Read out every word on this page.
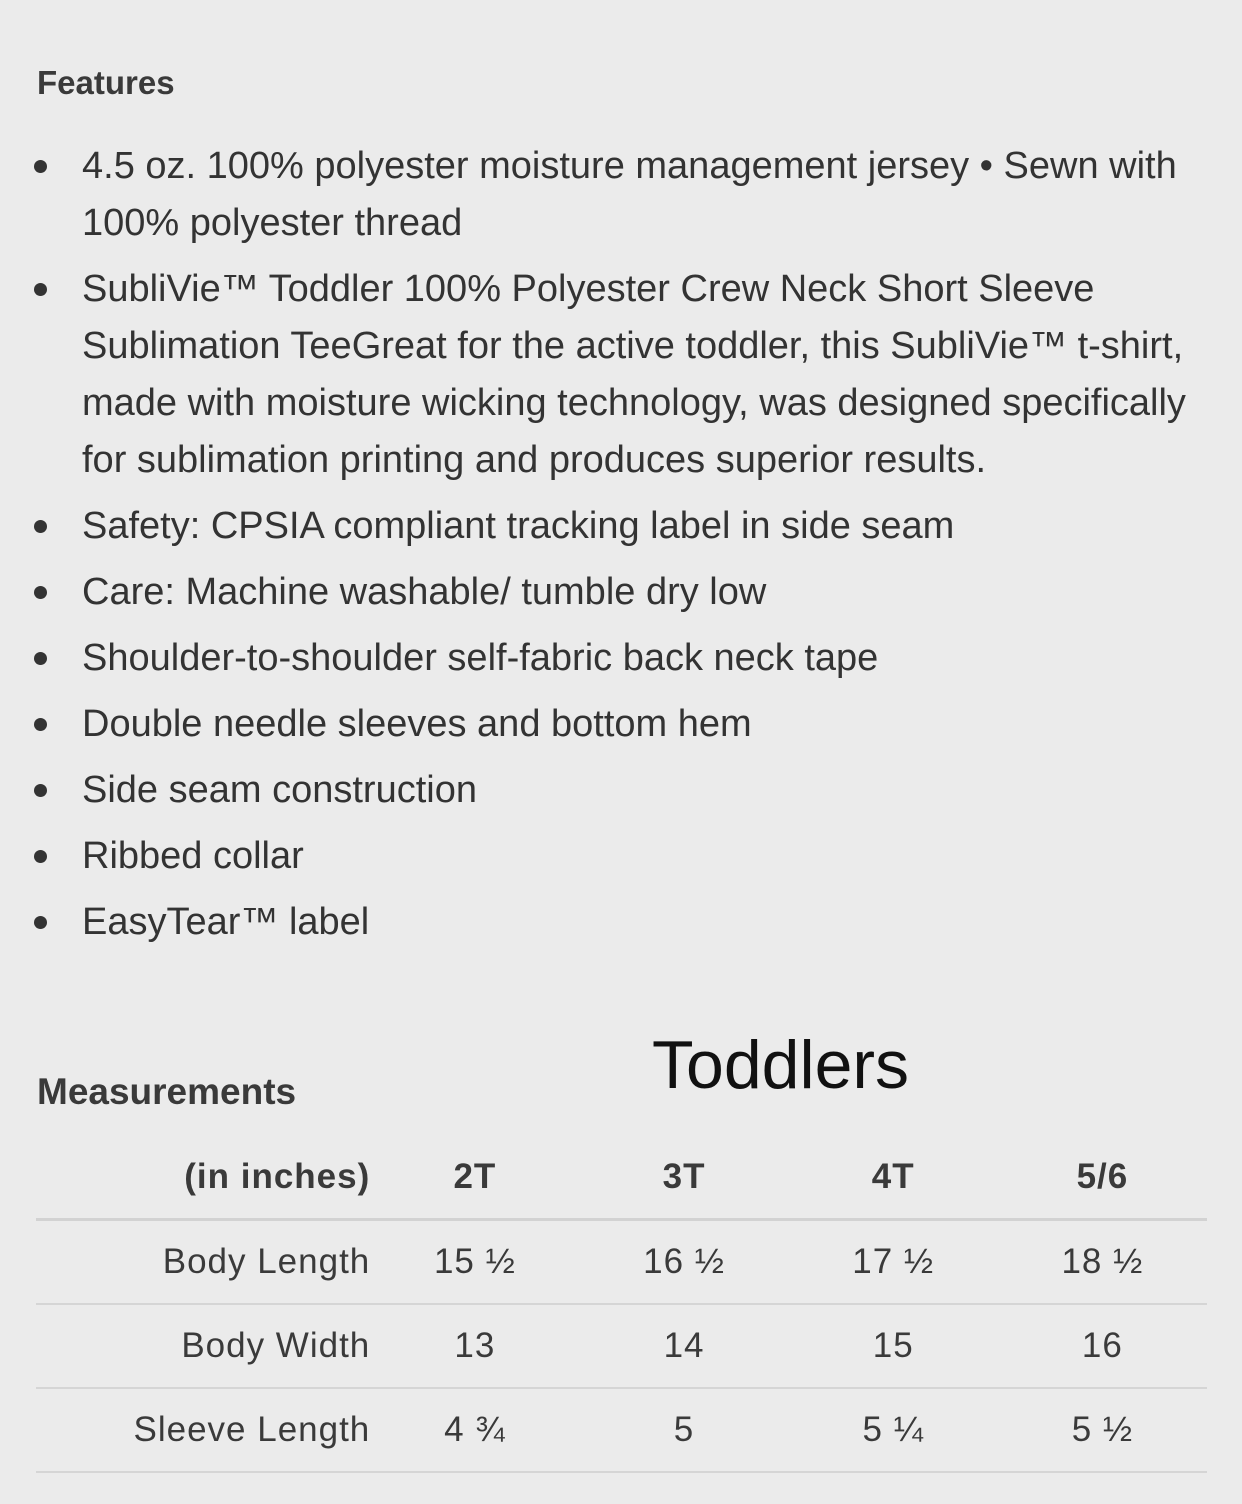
Features
4.5 oz. 100% polyester moisture management jersey • Sewn with 100% polyester thread
SubliVie™ Toddler 100% Polyester Crew Neck Short Sleeve Sublimation TeeGreat for the active toddler, this SubliVie™ t-shirt, made with moisture wicking technology, was designed specifically for sublimation printing and produces superior results.
Safety: CPSIA compliant tracking label in side seam
Care: Machine washable/ tumble dry low
Shoulder-to-shoulder self-fabric back neck tape
Double needle sleeves and bottom hem
Side seam construction
Ribbed collar
EasyTear™ label
Measurements	Toddlers
(in inches)	2T	3T	4T	5/6
Body Length	15 ½	16 ½	17 ½	18 ½
Body Width	13	14	15	16
Sleeve Length	4 ¾	5	5 ¼	5 ½
